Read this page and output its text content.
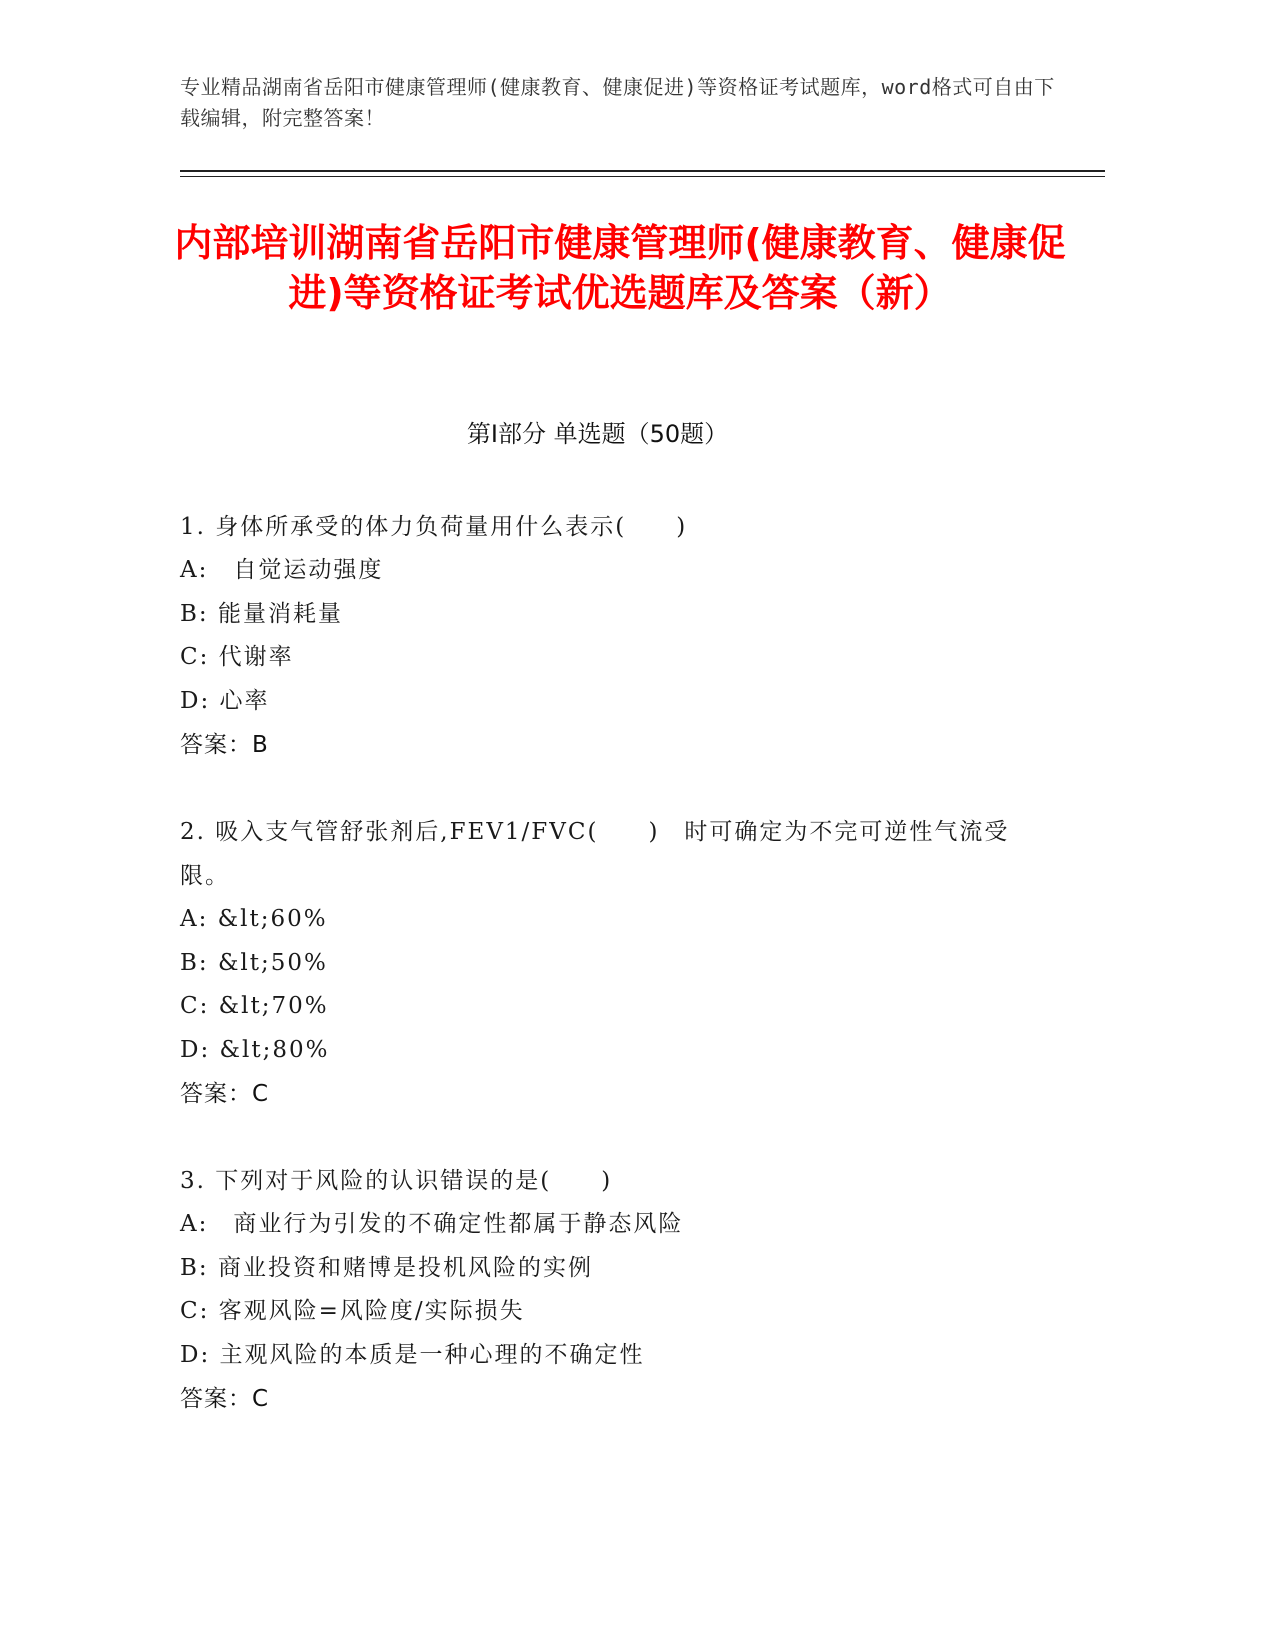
专业精品湖南省岳阳市健康管理师(健康教育、健康促进)等资格证考试题库，word格式可自由下载编辑，附完整答案！
内部培训湖南省岳阳市健康管理师(健康教育、健康促进)等资格证考试优选题库及答案（新）
第Ⅰ部分 单选题（50题）
1. 身体所承受的体力负荷量用什么表示(　　)
A:　自觉运动强度
B: 能量消耗量
C: 代谢率
D: 心率
答案：B
2. 吸入支气管舒张剂后,FEV1/FVC(　　)　时可确定为不完可逆性气流受限。
A: &lt;60%
B: &lt;50%
C: &lt;70%
D: &lt;80%
答案：C
3. 下列对于风险的认识错误的是(　　)
A:　商业行为引发的不确定性都属于静态风险
B: 商业投资和赌博是投机风险的实例
C: 客观风险=风险度/实际损失
D: 主观风险的本质是一种心理的不确定性
答案：C
